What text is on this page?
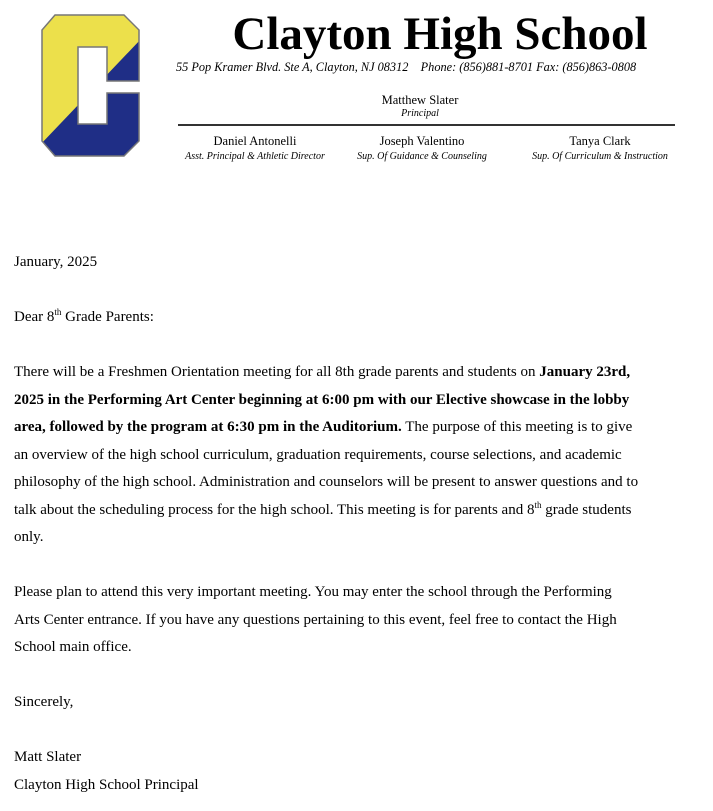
Clayton High School
55 Pop Kramer Blvd. Ste A, Clayton, NJ 08312    Phone: (856)881-8701 Fax: (856)863-0808
Matthew Slater
Principal
Daniel Antonelli
Asst. Principal & Athletic Director
Joseph Valentino
Sup. Of Guidance & Counseling
Tanya Clark
Sup. Of Curriculum & Instruction

January, 2025

Dear 8th Grade Parents:

There will be a Freshmen Orientation meeting for all 8th grade parents and students on January 23rd, 2025 in the Performing Art Center beginning at 6:00 pm with our Elective showcase in the lobby area, followed by the program at 6:30 pm in the Auditorium. The purpose of this meeting is to give an overview of the high school curriculum, graduation requirements, course selections, and academic philosophy of the high school. Administration and counselors will be present to answer questions and to talk about the scheduling process for the high school. This meeting is for parents and 8th grade students only.

Please plan to attend this very important meeting. You may enter the school through the Performing Arts Center entrance. If you have any questions pertaining to this event, feel free to contact the High School main office.

Sincerely,

Matt Slater
Clayton High School Principal
